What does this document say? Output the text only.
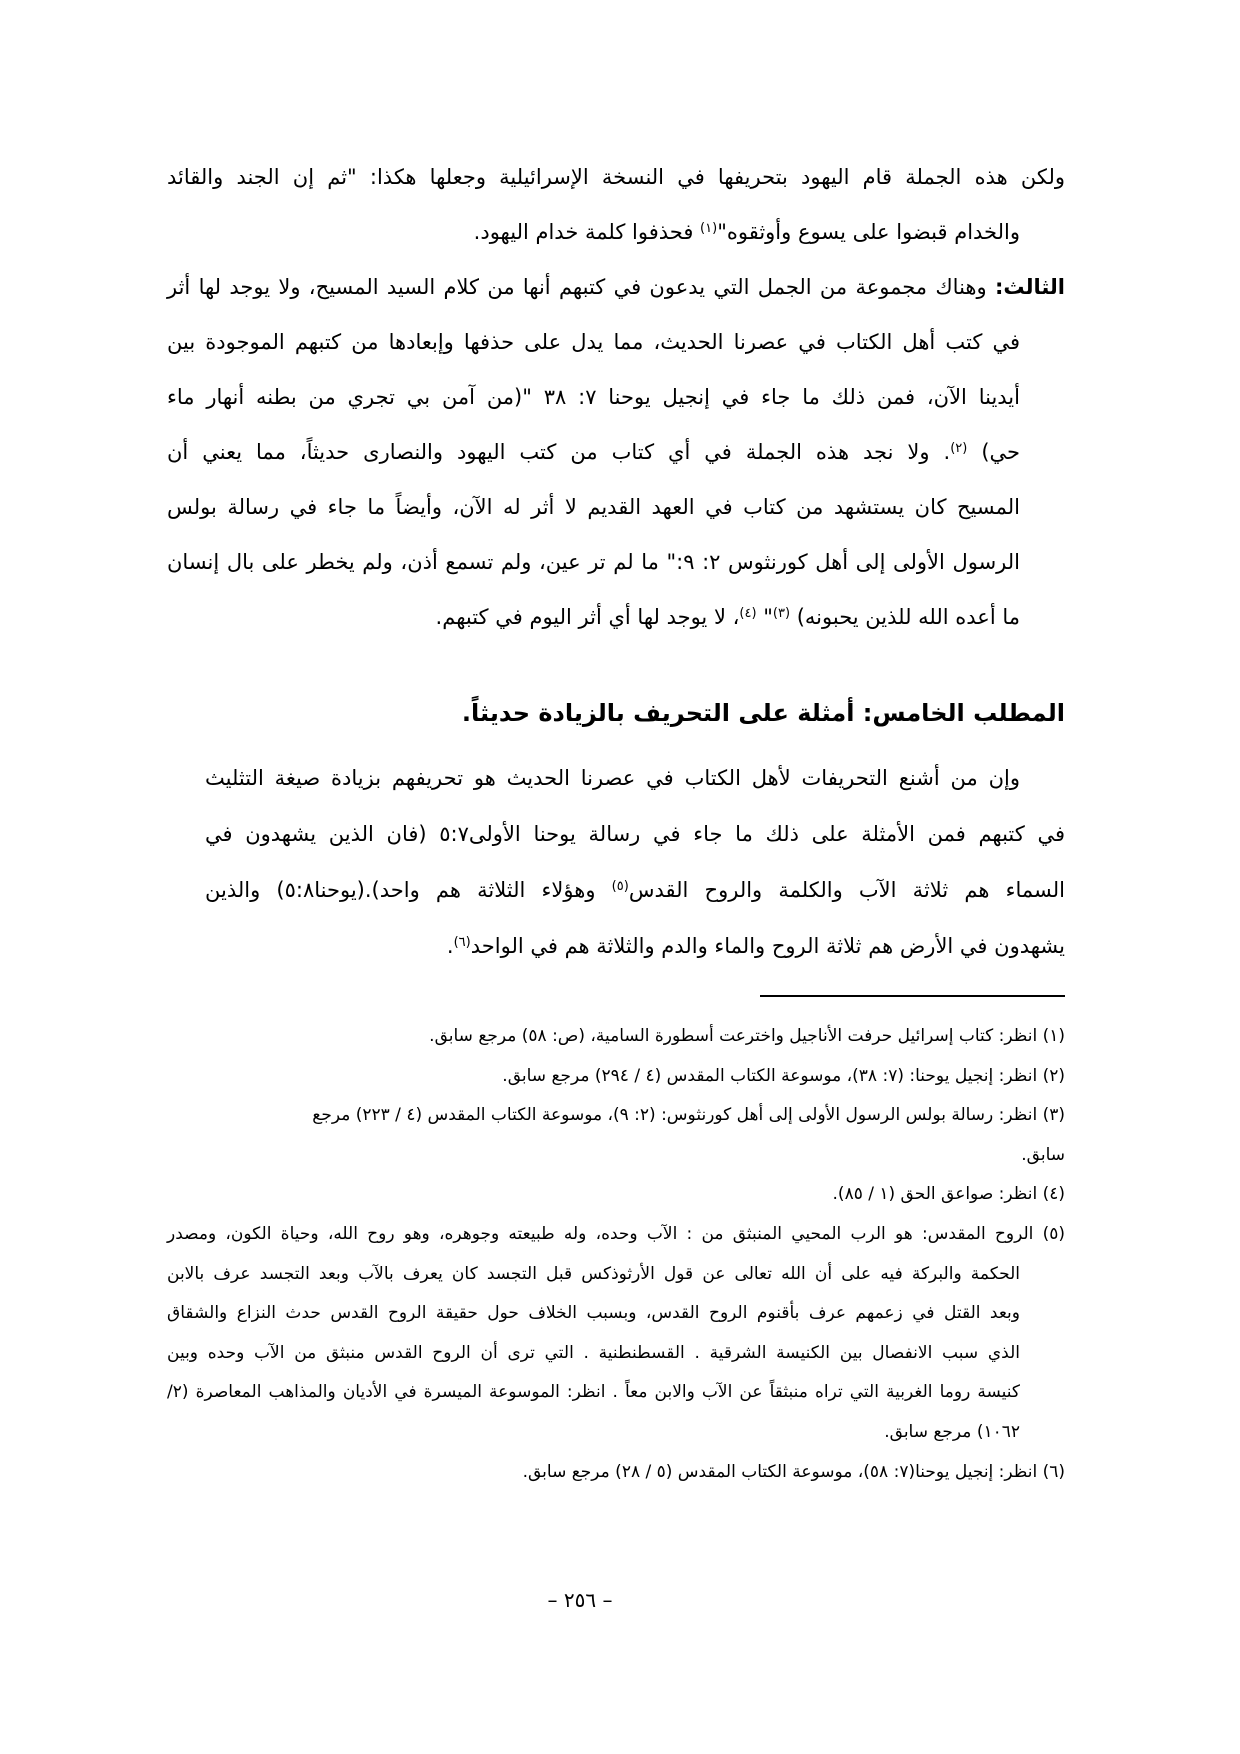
ولكن هذه الجملة قام اليهود بتحريفها في النسخة الإسرائيلية وجعلها هكذا: "ثم إن الجند والقائد
والخدام قبضوا على يسوع وأوثقوه"$^{(١)}$ فحذفوا كلمة خدام اليهود.
الثالث: وهناك مجموعة من الجمل التي يدعون في كتبهم أنها من كلام السيد المسيح، ولا يوجد لها أثر
في كتب أهل الكتاب في عصرنا الحديث، مما يدل على حذفها وإبعادها من كتبهم الموجودة بين
أيدينا الآن، فمن ذلك ما جاء في إنجيل يوحنا ٧: ٣٨ "(من آمن بي تجري من بطنه أنهار ماء
حي) $^{(٢)}$. ولا نجد هذه الجملة في أي كتاب من كتب اليهود والنصارى حديثاً، مما يعني أن
المسيح كان يستشهد من كتاب في العهد القديم لا أثر له الآن، وأيضاً ما جاء في رسالة بولس
الرسول الأولى إلى أهل كورنثوس ٢: ٩:" ما لم تر عين، ولم تسمع أذن، ولم يخطر على بال إنسان
ما أعده الله للذين يحبونه) $^{(٣)}$" $^{(٤)}$، لا يوجد لها أي أثر اليوم في كتبهم.
المطلب الخامس: أمثلة على التحريف بالزيادة حديثاً.
وإن من أشنع التحريفات لأهل الكتاب في عصرنا الحديث هو تحريفهم بزيادة صيغة التثليث
في كتبهم فمن الأمثلة على ذلك ما جاء في رسالة يوحنا الأولى٥:٧ (فان الذين يشهدون في
السماء هم ثلاثة الآب والكلمة والروح القدس$^{(٥)}$ وهؤلاء الثلاثة هم واحد).(يوحنا٥:٨) والذين
يشهدون في الأرض هم ثلاثة الروح والماء والدم والثلاثة هم في الواحد$^{(٦)}$.
(١) انظر: كتاب إسرائيل حرفت الأناجيل واخترعت أسطورة السامية، (ص: ٥٨) مرجع سابق.
(٢) انظر: إنجيل يوحنا: (٧: ٣٨)، موسوعة الكتاب المقدس (٤ / ٢٩٤) مرجع سابق.
(٣) انظر: رسالة بولس الرسول الأولى إلى أهل كورنثوس: (٢: ٩)، موسوعة الكتاب المقدس (٤ / ٢٢٣) مرجع
سابق.
(٤) انظر: صواعق الحق (١ / ٨٥).
(٥) الروح المقدس: هو الرب المحيي المنبثق من : الآب وحده، وله طبيعته وجوهره، وهو روح الله، وحياة الكون، ومصدر
الحكمة والبركة فيه على أن الله تعالى عن قول الأرثوذكس قبل التجسد كان يعرف بالآب وبعد التجسد عرف بالابن
وبعد القتل في زعمهم عرف بأقنوم الروح القدس، وبسبب الخلاف حول حقيقة الروح القدس حدث النزاع والشقاق
الذي سبب الانفصال بين الكنيسة الشرقية . القسطنطنية . التي ترى أن الروح القدس منبثق من الآب وحده وبين
كنيسة روما الغربية التي تراه منبثقاً عن الآب والابن معاً . انظر: الموسوعة الميسرة في الأديان والمذاهب المعاصرة (٢/
١٠٦٢) مرجع سابق.
(٦) انظر: إنجيل يوحنا(٧: ٥٨)، موسوعة الكتاب المقدس (٥ / ٢٨) مرجع سابق.
– ٢٥٦ –
